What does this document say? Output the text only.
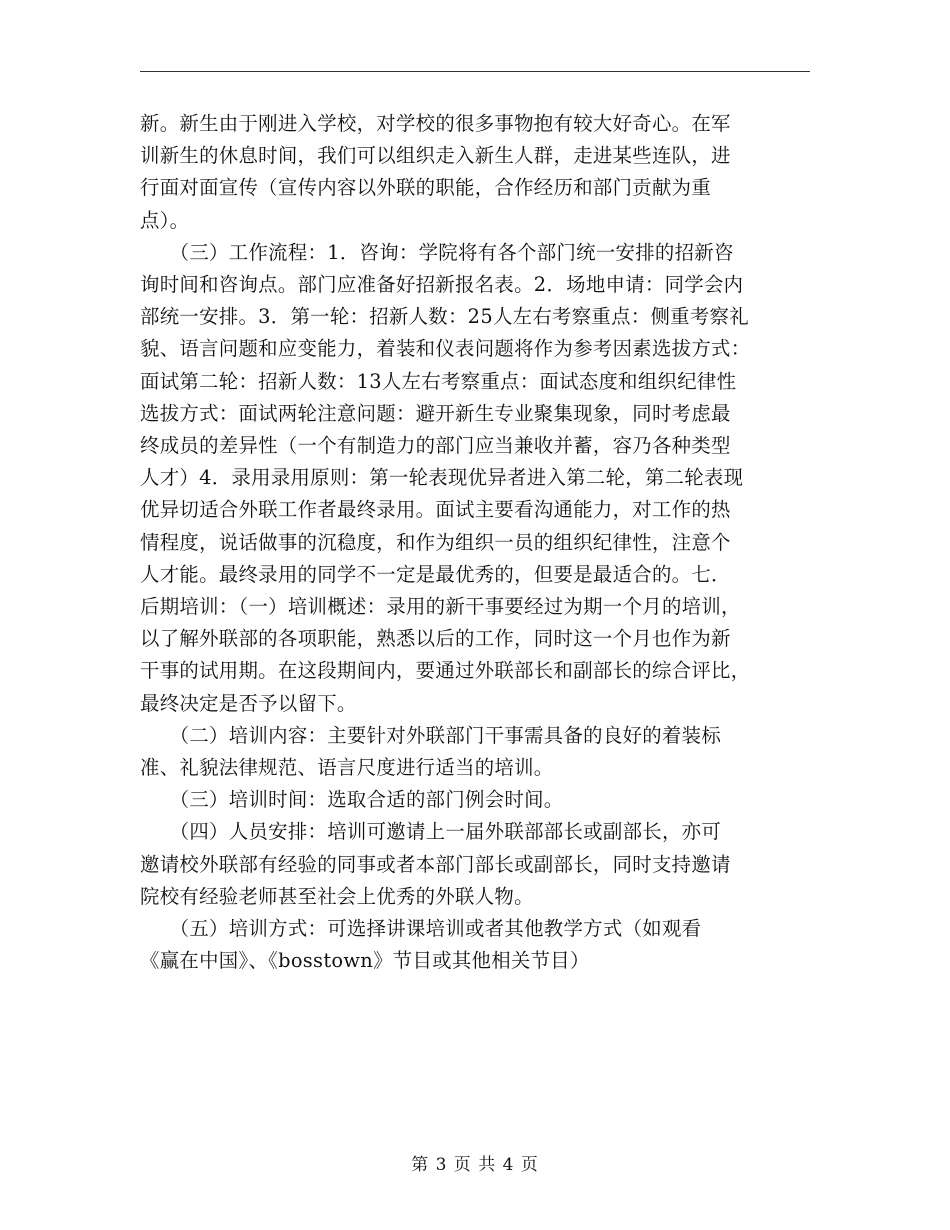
新。新生由于刚进入学校，对学校的很多事物抱有较大好奇心。在军

训新生的休息时间，我们可以组织走入新生人群，走进某些连队，进

行面对面宣传（宣传内容以外联的职能，合作经历和部门贡献为重

点）。

　　（三）工作流程：1．咨询：学院将有各个部门统一安排的招新咨

询时间和咨询点。部门应准备好招新报名表。2．场地申请：同学会内

部统一安排。3．第一轮：招新人数：25人左右考察重点：侧重考察礼

貌、语言问题和应变能力，着装和仪表问题将作为参考因素选拔方式：

面试第二轮：招新人数：13人左右考察重点：面试态度和组织纪律性

选拔方式：面试两轮注意问题：避开新生专业聚集现象，同时考虑最

终成员的差异性（一个有制造力的部门应当兼收并蓄，容乃各种类型

人才）4．录用录用原则：第一轮表现优异者进入第二轮，第二轮表现

优异切适合外联工作者最终录用。面试主要看沟通能力，对工作的热

情程度，说话做事的沉稳度，和作为组织一员的组织纪律性，注意个

人才能。最终录用的同学不一定是最优秀的，但要是最适合的。七．

后期培训：（一）培训概述：录用的新干事要经过为期一个月的培训，

以了解外联部的各项职能，熟悉以后的工作，同时这一个月也作为新

干事的试用期。在这段期间内，要通过外联部长和副部长的综合评比，

最终决定是否予以留下。

　　（二）培训内容：主要针对外联部门干事需具备的良好的着装标

准、礼貌法律规范、语言尺度进行适当的培训。

　　（三）培训时间：选取合适的部门例会时间。

　　（四）人员安排：培训可邀请上一届外联部部长或副部长，亦可

邀请校外联部有经验的同事或者本部门部长或副部长，同时支持邀请

院校有经验老师甚至社会上优秀的外联人物。

　　（五）培训方式：可选择讲课培训或者其他教学方式（如观看

《赢在中国》、《bosstown》节目或其他相关节目）

第 3 页 共 4 页
